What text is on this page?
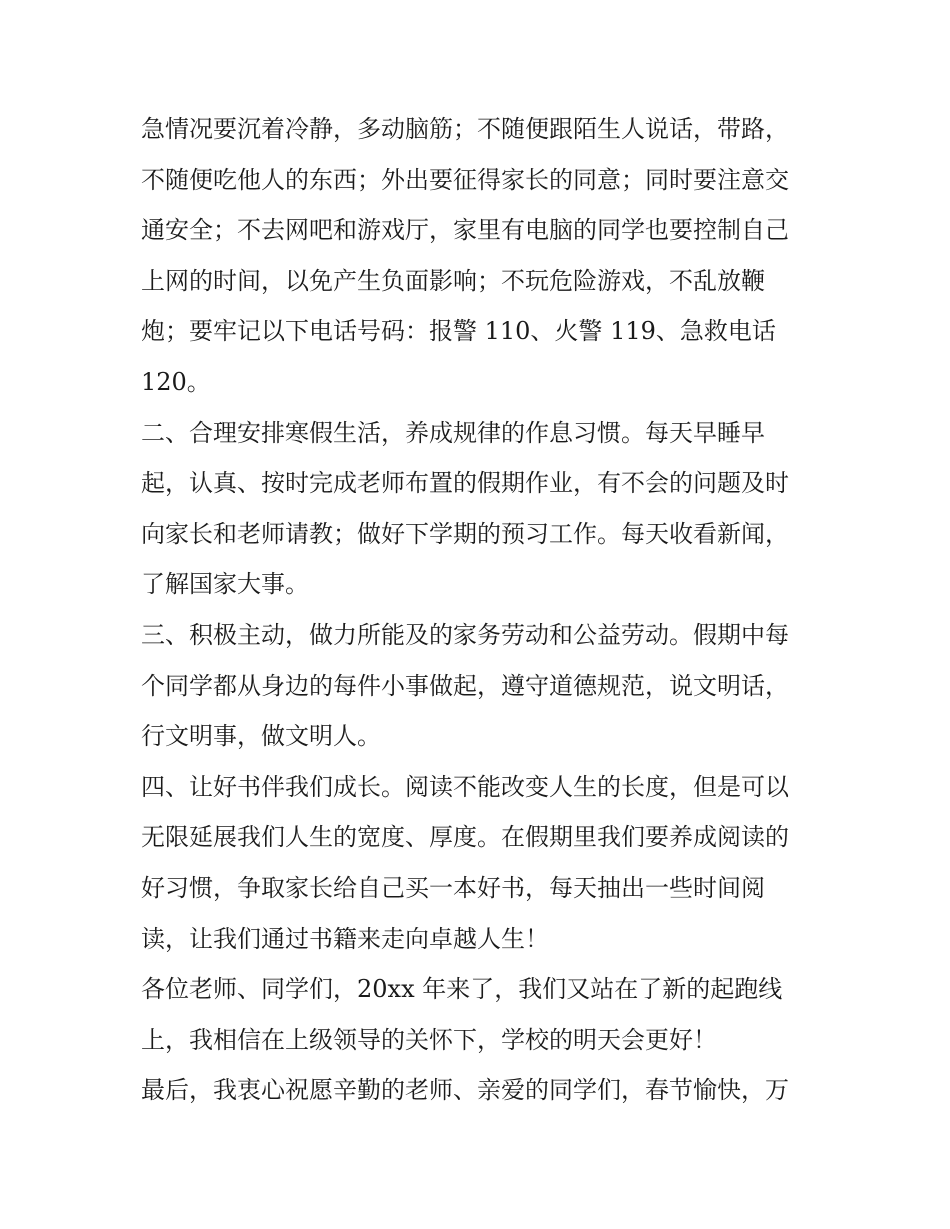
急情况要沉着冷静，多动脑筋；不随便跟陌生人说话，带路，
不随便吃他人的东西；外出要征得家长的同意；同时要注意交
通安全；不去网吧和游戏厅，家里有电脑的同学也要控制自己
上网的时间，以免产生负面影响；不玩危险游戏，不乱放鞭
炮；要牢记以下电话号码：报警 110、火警 119、急救电话
120。
二、合理安排寒假生活，养成规律的作息习惯。每天早睡早
起，认真、按时完成老师布置的假期作业，有不会的问题及时
向家长和老师请教；做好下学期的预习工作。每天收看新闻，
了解国家大事。
三、积极主动，做力所能及的家务劳动和公益劳动。假期中每
个同学都从身边的每件小事做起，遵守道德规范，说文明话，
行文明事，做文明人。
四、让好书伴我们成长。阅读不能改变人生的长度，但是可以
无限延展我们人生的宽度、厚度。在假期里我们要养成阅读的
好习惯，争取家长给自己买一本好书，每天抽出一些时间阅
读，让我们通过书籍来走向卓越人生！
各位老师、同学们，20xx 年来了，我们又站在了新的起跑线
上，我相信在上级领导的关怀下，学校的明天会更好！
最后，我衷心祝愿辛勤的老师、亲爱的同学们，春节愉快，万
